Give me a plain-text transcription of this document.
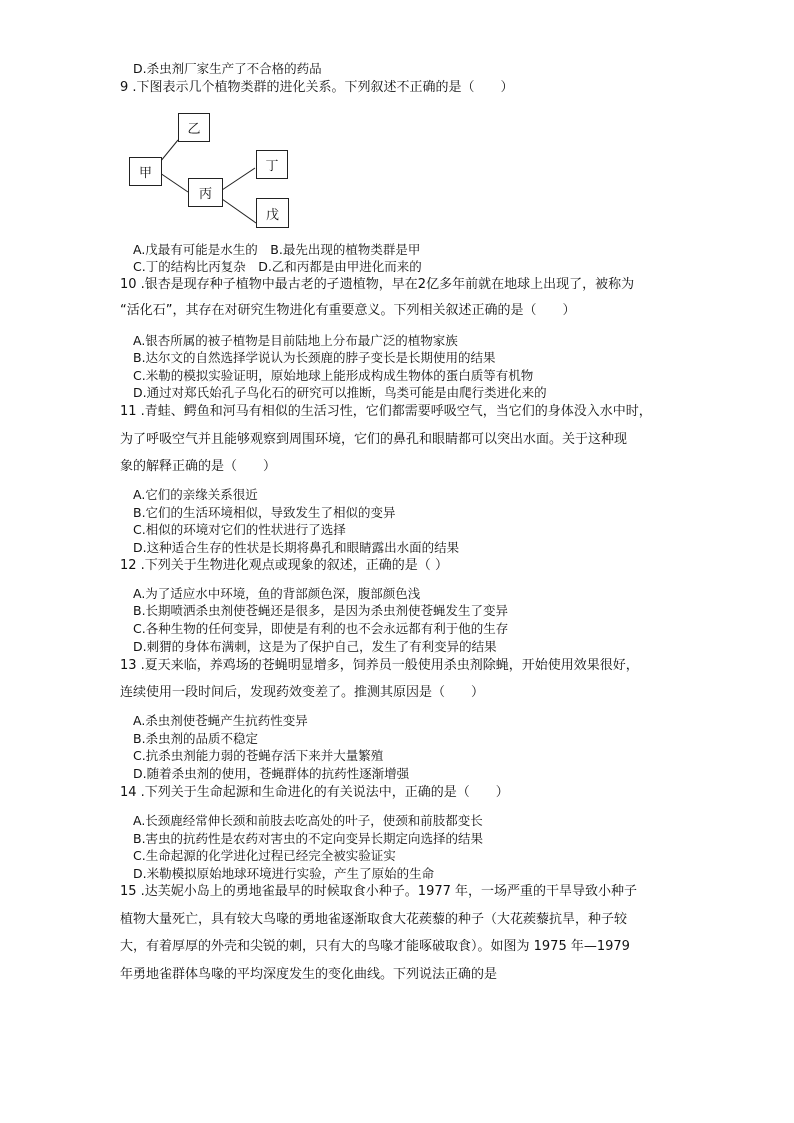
D.杀虫剂厂家生产了不合格的药品
9 .下图表示几个植物类群的进化关系。下列叙述不正确的是（　　）
甲
乙
丙
丁
戊
A.戊最有可能是水生的　B.最先出现的植物类群是甲
C.丁的结构比丙复杂　D.乙和丙都是由甲进化而来的
10 .银杏是现存种子植物中最古老的孑遗植物，早在2亿多年前就在地球上出现了，被称为
“活化石”，其存在对研究生物进化有重要意义。下列相关叙述正确的是（　　）
A.银杏所属的被子植物是目前陆地上分布最广泛的植物家族
B.达尔文的自然选择学说认为长颈鹿的脖子变长是长期使用的结果
C.米勒的模拟实验证明，原始地球上能形成构成生物体的蛋白质等有机物
D.通过对郑氏始孔子鸟化石的研究可以推断，鸟类可能是由爬行类进化来的
11 .青蛙、鳄鱼和河马有相似的生活习性，它们都需要呼吸空气，当它们的身体没入水中时，
为了呼吸空气并且能够观察到周围环境，它们的鼻孔和眼睛都可以突出水面。关于这种现
象的解释正确的是（　　）
A.它们的亲缘关系很近
B.它们的生活环境相似，导致发生了相似的变异
C.相似的环境对它们的性状进行了选择
D.这种适合生存的性状是长期将鼻孔和眼睛露出水面的结果
12 .下列关于生物进化观点或现象的叙述，正确的是（ ）
A.为了适应水中环境，鱼的背部颜色深，腹部颜色浅
B.长期喷洒杀虫剂使苍蝇还是很多，是因为杀虫剂使苍蝇发生了变异
C.各种生物的任何变异，即使是有利的也不会永远都有利于他的生存
D.刺猬的身体布满刺，这是为了保护自己，发生了有利变异的结果
13 .夏天来临，养鸡场的苍蝇明显增多，饲养员一般使用杀虫剂除蝇，开始使用效果很好，
连续使用一段时间后，发现药效变差了。推测其原因是（　　）
A.杀虫剂使苍蝇产生抗药性变异
B.杀虫剂的品质不稳定
C.抗杀虫剂能力弱的苍蝇存活下来并大量繁殖
D.随着杀虫剂的使用，苍蝇群体的抗药性逐渐增强
14 .下列关于生命起源和生命进化的有关说法中，正确的是（　　）
A.长颈鹿经常伸长颈和前肢去吃高处的叶子，使颈和前肢都变长
B.害虫的抗药性是农药对害虫的不定向变异长期定向选择的结果
C.生命起源的化学进化过程已经完全被实验证实
D.米勒模拟原始地球环境进行实验，产生了原始的生命
15 .达芙妮小岛上的勇地雀最早的时候取食小种子。1977 年，一场严重的干旱导致小种子
植物大量死亡，具有较大鸟喙的勇地雀逐渐取食大花蒺藜的种子（大花蒺藜抗旱，种子较
大，有着厚厚的外壳和尖锐的刺，只有大的鸟喙才能啄破取食）。如图为 1975 年—1979
年勇地雀群体鸟喙的平均深度发生的变化曲线。下列说法正确的是
